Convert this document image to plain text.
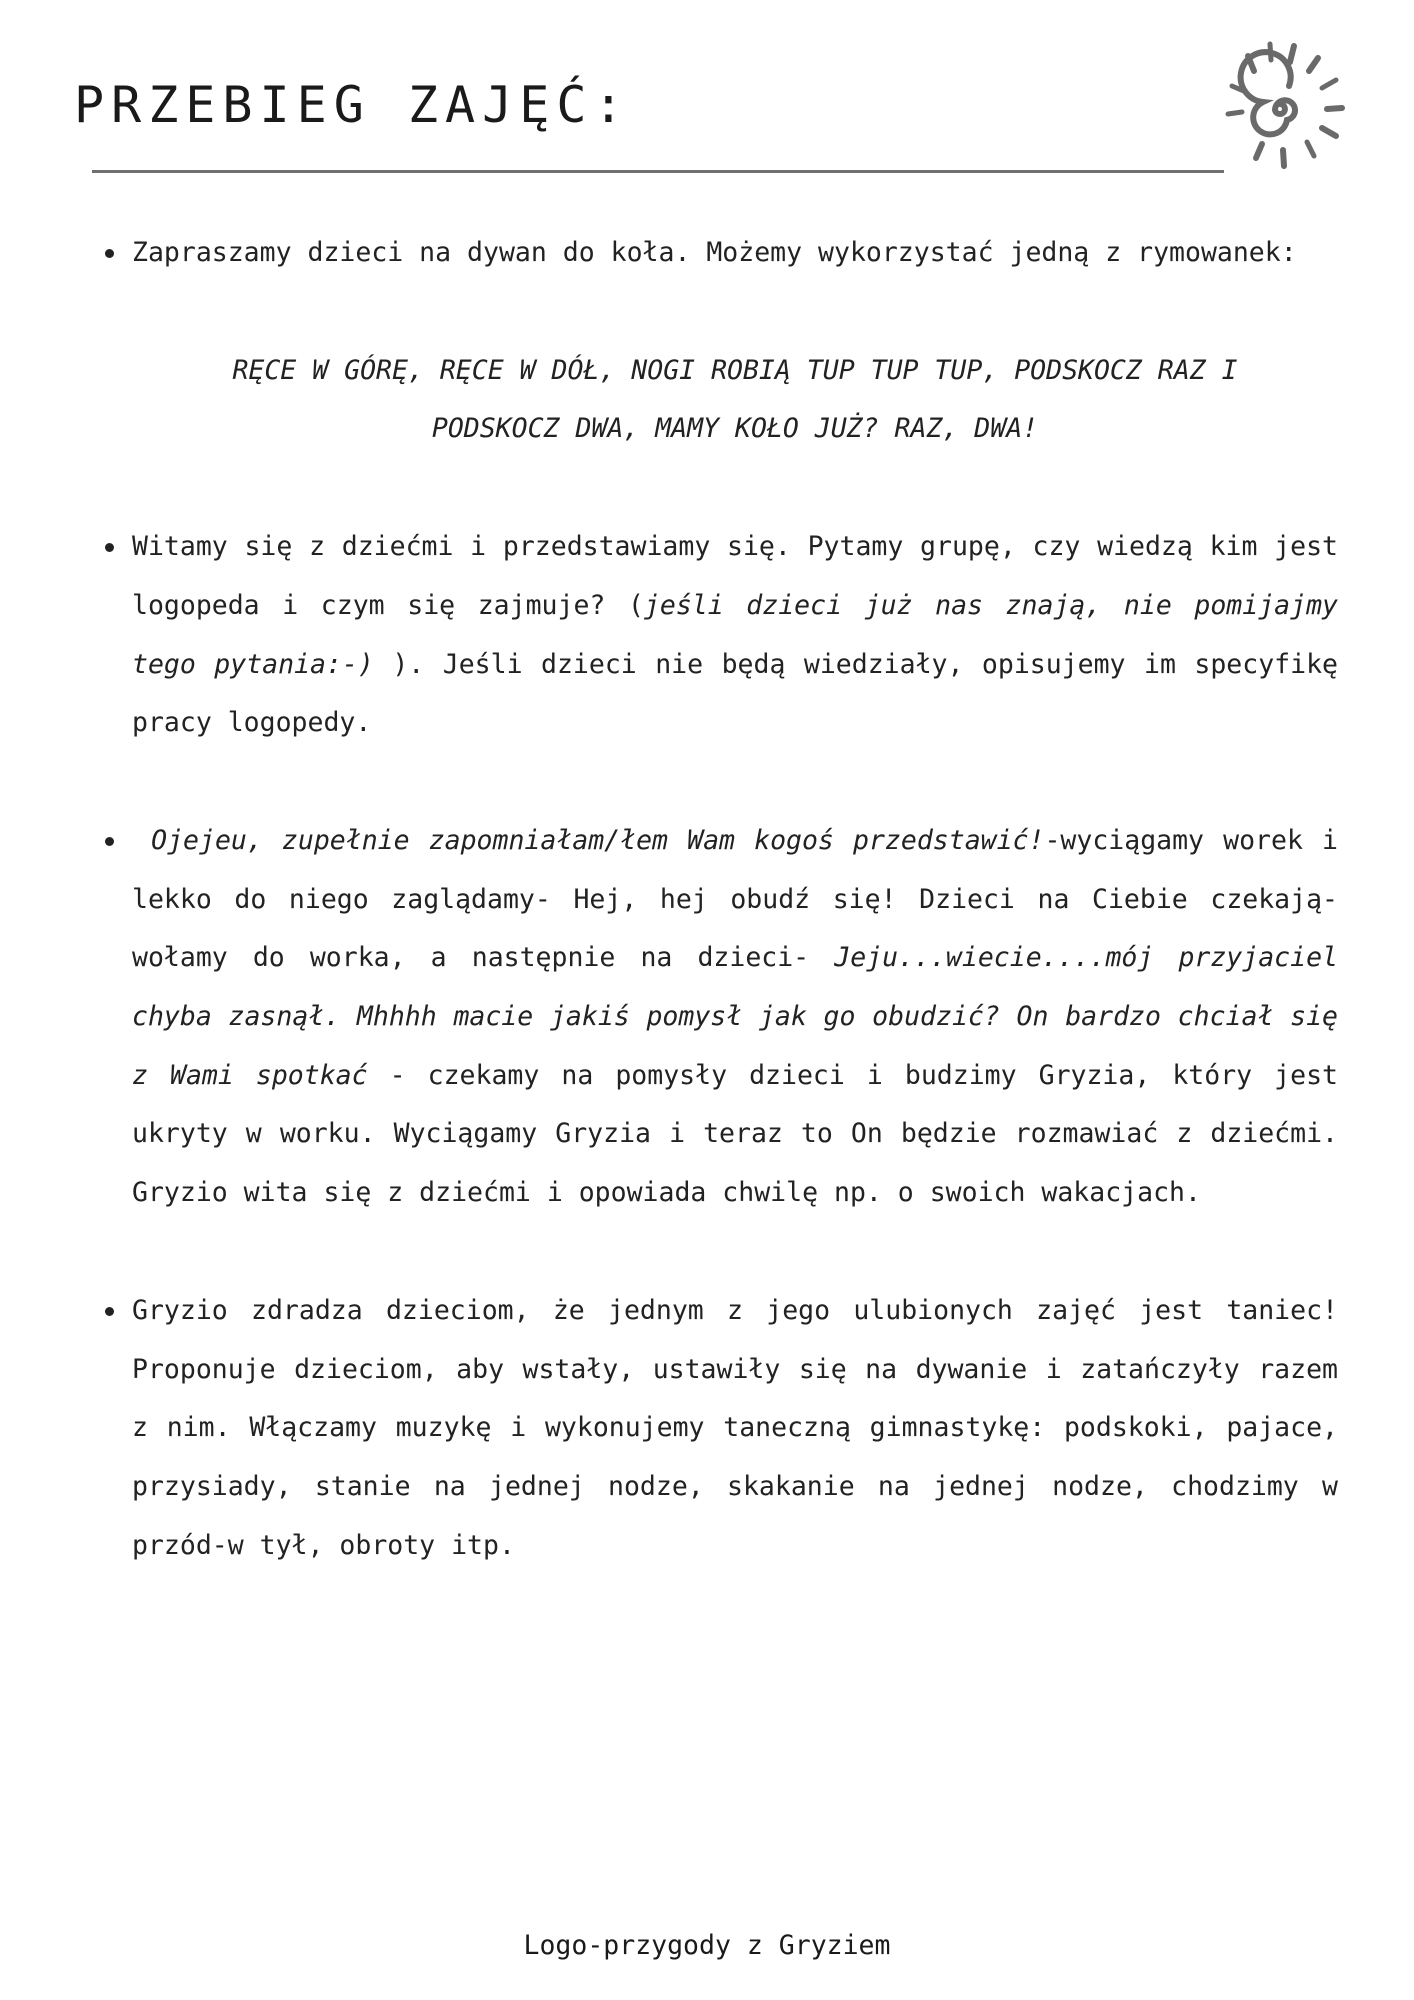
PRZEBIEG ZAJĘĆ:
Zapraszamy dzieci na dywan do koła. Możemy wykorzystać jedną z rymowanek:
RĘCE W GÓRĘ, RĘCE W DÓŁ, NOGI ROBIĄ TUP TUP TUP, PODSKOCZ RAZ I
PODSKOCZ DWA, MAMY KOŁO JUŻ? RAZ, DWA!
Witamy się z dziećmi i przedstawiamy się. Pytamy grupę, czy wiedzą kim jest logopeda i czym się zajmuje? (jeśli dzieci już nas znają, nie pomijajmy tego pytania:-) ). Jeśli dzieci nie będą wiedziały, opisujemy im specyfikę pracy logopedy.
Ojejeu, zupełnie zapomniałam/łem Wam kogoś przedstawić!-wyciągamy worek i lekko do niego zaglądamy- Hej, hej obudź się! Dzieci na Ciebie czekają- wołamy do worka, a następnie na dzieci- Jeju...wiecie....mój przyjaciel chyba zasnął. Mhhhh macie jakiś pomysł jak go obudzić? On bardzo chciał się z Wami spotkać - czekamy na pomysły dzieci i budzimy Gryzia, który jest ukryty w worku. Wyciągamy Gryzia i teraz to On będzie rozmawiać z dziećmi. Gryzio wita się z dziećmi i opowiada chwilę np. o swoich wakacjach.
Gryzio zdradza dzieciom, że jednym z jego ulubionych zajęć jest taniec! Proponuje dzieciom, aby wstały, ustawiły się na dywanie i zatańczyły razem z nim. Włączamy muzykę i wykonujemy taneczną gimnastykę: podskoki, pajace, przysiady, stanie na jednej nodze, skakanie na jednej nodze, chodzimy w przód-w tył, obroty itp.
Logo-przygody z Gryziem
